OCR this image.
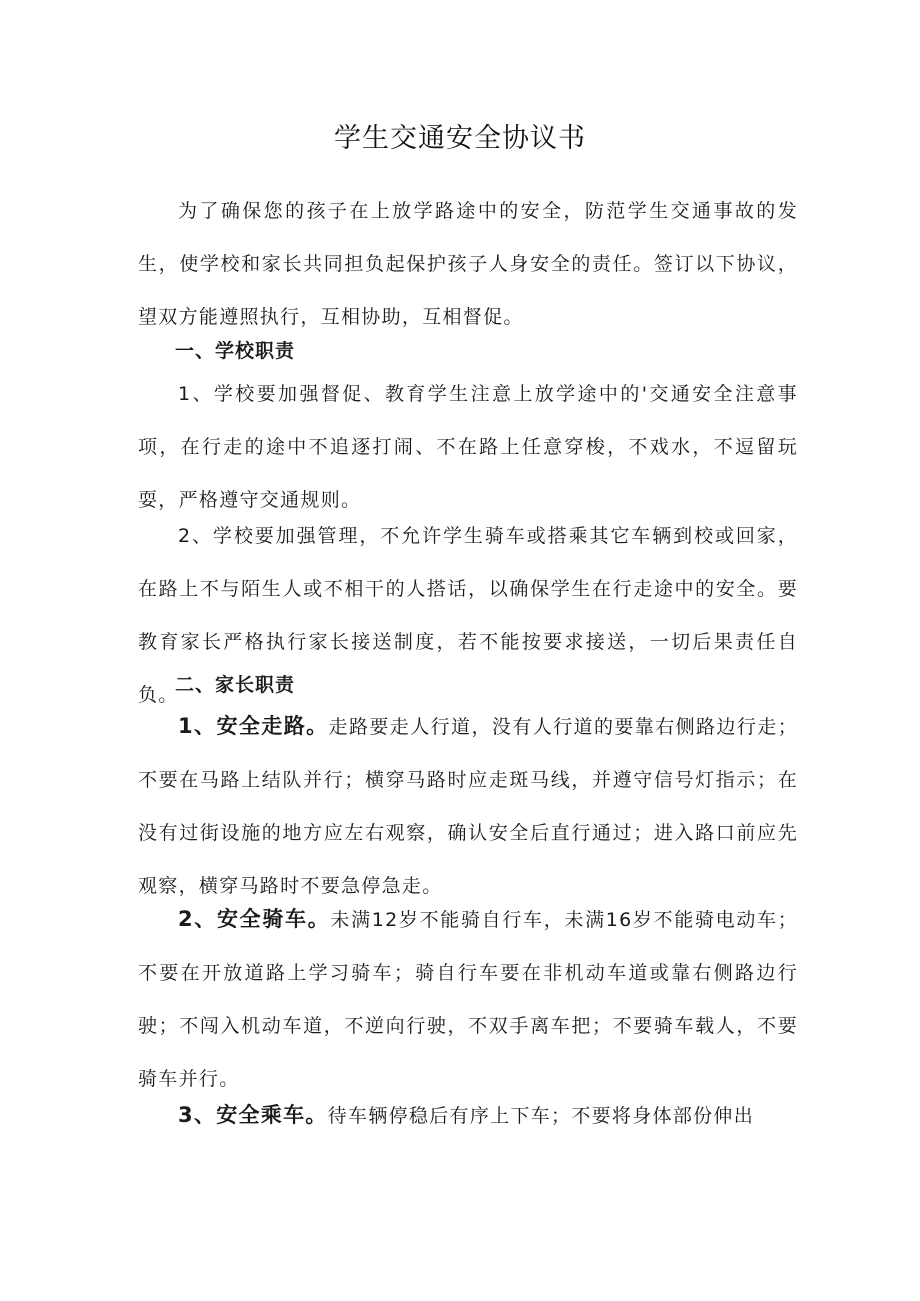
学生交通安全协议书

为了确保您的孩子在上放学路途中的安全，防范学生交通事故的发生，使学校和家长共同担负起保护孩子人身安全的责任。签订以下协议，望双方能遵照执行，互相协助，互相督促。

一、学校职责

1、学校要加强督促、教育学生注意上放学途中的'交通安全注意事项，在行走的途中不追逐打闹、不在路上任意穿梭，不戏水，不逗留玩耍，严格遵守交通规则。

2、学校要加强管理，不允许学生骑车或搭乘其它车辆到校或回家，在路上不与陌生人或不相干的人搭话，以确保学生在行走途中的安全。要教育家长严格执行家长接送制度，若不能按要求接送，一切后果责任自负。

二、家长职责

1、安全走路。走路要走人行道，没有人行道的要靠右侧路边行走；不要在马路上结队并行；横穿马路时应走斑马线，并遵守信号灯指示；在没有过街设施的地方应左右观察，确认安全后直行通过；进入路口前应先观察，横穿马路时不要急停急走。

2、安全骑车。未满12岁不能骑自行车，未满16岁不能骑电动车；不要在开放道路上学习骑车；骑自行车要在非机动车道或靠右侧路边行驶；不闯入机动车道，不逆向行驶，不双手离车把；不要骑车载人，不要骑车并行。

3、安全乘车。待车辆停稳后有序上下车；不要将身体部份伸出
